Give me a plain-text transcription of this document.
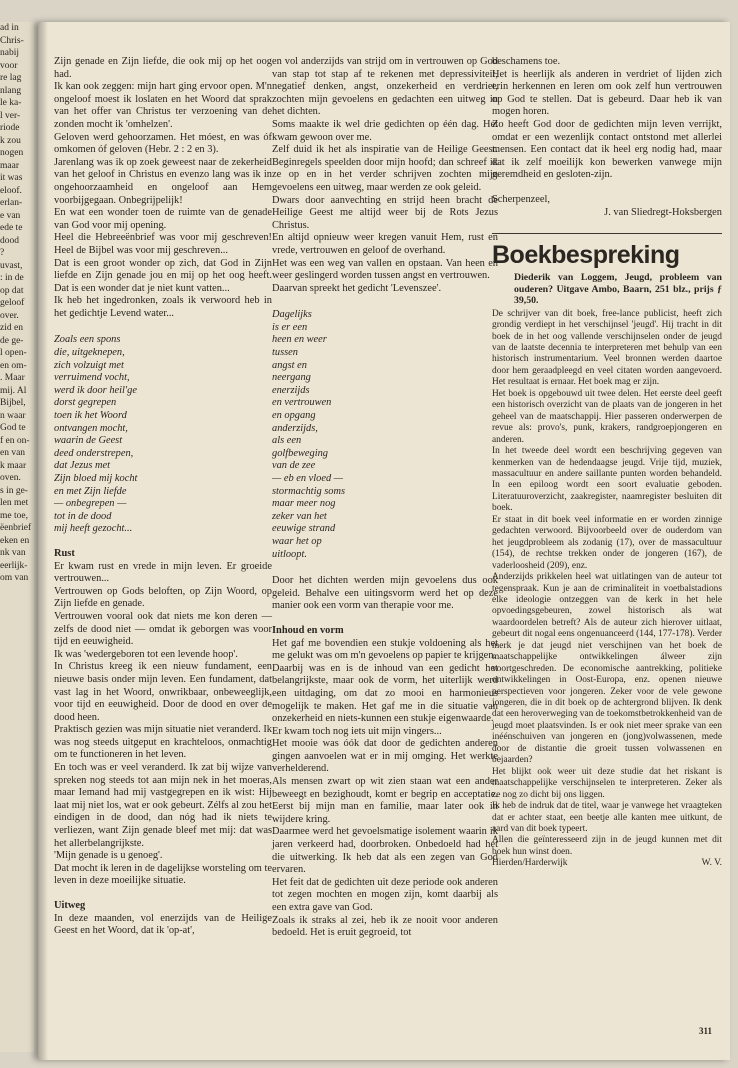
ad in
Chris-
nabij
voor
re lag
nlang
le ka-
l ver-
riode
k zou
nogen
maar
it was
eloof.
erlan-
e van
ede te
dood
?
uvast,
: in de
op dat
geloof
over.
zid en
de ge-
l open-
en om-
. Maar
mij. Al
Bijbel,
n waar
God te
f en on-
en van
k maar
oven.
s in ge-
len met
me toe,
ëenbrief
eken en
nk van
eerlijk-
om van

Zijn genade en Zijn liefde, die ook mij op het oog had.

Ik kan ook zeggen: mijn hart ging ervoor open. M'n ongeloof moest ik loslaten en het Woord dat sprak van het offer van Christus ter verzoening van de zonden mocht ik 'omhelzen'.

Geloven werd gehoorzamen. Het móest, en was óf omkomen óf geloven (Hebr. 2 : 2 en 3).

Jarenlang was ik op zoek geweest naar de zekerheid van het geloof in Christus en evenzo lang was ik in ongehoorzaamheid en ongeloof aan Hem voorbijgegaan. Onbegrijpelijk!

En wat een wonder toen de ruimte van de genade van God voor mij opening.

Heel die Hebreeënbrief was voor mij geschreven! Heel de Bijbel was voor mij geschreven...

Dat is een groot wonder op zich, dat God in Zijn liefde en Zijn genade jou en mij op het oog heeft. Dat is een wonder dat je niet kunt vatten...

Ik heb het ingedronken, zoals ik verwoord heb in het gedichtje Levend water...

Zoals een spons
die, uitgeknepen,
zich volzuigt met
verruimend vocht,
werd ik door heil'ge
dorst gegrepen
toen ik het Woord
ontvangen mocht,
waarin de Geest
deed onderstrepen,
dat Jezus met
Zijn bloed mij kocht
en met Zijn liefde
— onbegrepen —
tot in de dood
mij heeft gezocht...
Rust

Er kwam rust en vrede in mijn leven. Er groeide vertrouwen...

Vertrouwen op Gods beloften, op Zijn Woord, op Zijn liefde en genade.

Vertrouwen vooral ook dat niets me kon deren — zelfs de dood niet — omdat ik geborgen was voor tijd en eeuwigheid.

Ik was 'wedergeboren tot een levende hoop'.

In Christus kreeg ik een nieuw fundament, een nieuwe basis onder mijn leven. Een fundament, dat vast lag in het Woord, onwrikbaar, onbeweeglijk, voor tijd en eeuwigheid. Door de dood en over de dood heen.

Praktisch gezien was mijn situatie niet veranderd. Ik was nog steeds uitgeput en krachteloos, onmachtig om te functioneren in het leven.

En toch was er veel veranderd. Ik zat bij wijze van spreken nog steeds tot aan mijn nek in het moeras, maar Iemand had mij vastgegrepen en ik wist: Hij laat mij niet los, wat er ook gebeurt. Zélfs al zou het eindigen in de dood, dan nóg had ik niets te verliezen, want Zijn genade bleef met mij: dat was het allerbelangrijkste.

'Mijn genade is u genoeg'.

Dat mocht ik leren in de dagelijkse worsteling om te leven in deze moeilijke situatie.

Uitweg

In deze maanden, vol enerzijds van de Heilige Geest en het Woord, dat ik 'op-at',

en vol anderzijds van strijd om in vertrouwen op God van stap tot stap af te rekenen met depressiviteit, negatief denken, angst, onzekerheid en verdriet, zochten mijn gevoelens en gedachten een uitweg in het dichten.

Soms maakte ik wel drie gedichten op één dag. Het kwam gewoon over me.

Zelf duid ik het als inspiratie van de Heilige Geest. Beginregels speelden door mijn hoofd; dan schreef ik ze op en in het verder schrijven zochten mijn gevoelens een uitweg, maar werden ze ook geleid.

Dwars door aanvechting en strijd heen bracht de Heilige Geest me altijd weer bij de Rots Jezus Christus.

En altijd opnieuw weer kregen vanuit Hem, rust en vrede, vertrouwen en geloof de overhand.

Het was een weg van vallen en opstaan. Van heen en weer geslingerd worden tussen angst en vertrouwen.

Daarvan spreekt het gedicht 'Levenszee'.

Dagelijks
is er een
heen en weer
tussen
angst en
neergang
enerzijds
en vertrouwen
en opgang
anderzijds,
als een
golfbeweging
van de zee
— eb en vloed —
stormachtig soms
maar meer nog
zeker van het
eeuwige strand
waar het op
uitloopt.

Door het dichten werden mijn gevoelens dus ook geleid. Behalve een uitingsvorm werd het op deze manier ook een vorm van therapie voor me.

Inhoud en vorm

Het gaf me bovendien een stukje voldoening als het me gelukt was om m'n gevoelens op papier te krijgen.

Daarbij was en is de inhoud van een gedicht het belangrijkste, maar ook de vorm, het uiterlijk werd een uitdaging, om dat zo mooi en harmonieus mogelijk te maken. Het gaf me in die situatie van onzekerheid en niets-kunnen een stukje eigenwaarde.

Er kwam toch nog iets uit mijn vingers...

Het mooie was óók dat door de gedichten anderen gingen aanvoelen wat er in mij omging. Het werkte verhelderend.

Als mensen zwart op wit zien staan wat een ander beweegt en bezighoudt, komt er begrip en acceptatie. Eerst bij mijn man en familie, maar later ook in wijdere kring.

Daarmee werd het gevoelsmatige isolement waarin ik jaren verkeerd had, doorbroken. Onbedoeld had het die uitwerking. Ik heb dat als een zegen van God ervaren.

Het feit dat de gedichten uit deze periode ook anderen tot zegen mochten en mogen zijn, komt daarbij als een extra gave van God.

Zoals ik straks al zei, heb ik ze nooit voor anderen bedoeld. Het is eruit gegroeid, tot

beschamens toe.

Het is heerlijk als anderen in verdriet of lijden zich erin herkennen en leren om ook zelf hun vertrouwen op God te stellen. Dat is gebeurd. Daar heb ik van mogen horen.

Zo heeft God door de gedichten mijn leven verrijkt, omdat er een wezenlijk contact ontstond met allerlei mensen. Een contact dat ik heel erg nodig had, maar dat ik zelf moeilijk kon bewerken vanwege mijn geremdheid en gesloten-zijn.

Scherpenzeel,

J. van Sliedregt-Hoksbergen
Boekbespreking
Diederik van Loggem, Jeugd, probleem van ouderen? Uitgave Ambo, Baarn, 251 blz., prijs ƒ 39,50.

De schrijver van dit boek, free-lance publicist, heeft zich grondig verdiept in het verschijnsel 'jeugd'. Hij tracht in dit boek de in het oog vallende verschijnselen onder de jeugd van de laatste decennia te interpreteren met behulp van een historisch instrumentarium. Veel bronnen werden daartoe door hem geraadpleegd en veel citaten worden aangevoerd. Het resultaat is ernaar. Het boek mag er zijn.

Het boek is opgebouwd uit twee delen. Het eerste deel geeft een historisch overzicht van de plaats van de jongeren in het geheel van de maatschappij. Hier passeren onderwerpen de revue als: provo's, punk, krakers, randgroepjongeren en anderen.

In het tweede deel wordt een beschrijving gegeven van kenmerken van de hedendaagse jeugd. Vrije tijd, muziek, massacultuur en andere saillante punten worden behandeld. In een epiloog wordt een soort evaluatie geboden. Literatuuroverzicht, zaakregister, naamregister besluiten dit boek.

Er staat in dit boek veel informatie en er worden zinnige gedachten verwoord. Bijvoorbeeld over de ouderdom van het jeugdprobleem als zodanig (17), over de massacultuur (154), de rechtse trekken onder de jongeren (167), de vaderloosheid (209), enz.

Anderzijds prikkelen heel wat uitlatingen van de auteur tot tegenspraak. Kun je aan de criminaliteit in voetbalstadions elke ideologie ontzeggen van de kerk in het hele opvoedingsgebeuren, zowel historisch als wat waardoordelen betreft? Als de auteur zich hierover uitlaat, gebeurt dit nogal eens ongenuanceerd (144, 177-178). Verder merk je dat jeugd niet verschijnen van het boek de maatschappelijke ontwikkelingen álweer zijn voortgeschreden. De economische aantrekking, politieke ontwikkelingen in Oost-Europa, enz. openen nieuwe perspectieven voor jongeren. Zeker voor de vele gewone jongeren, die in dit boek op de achtergrond blijven. Ik denk dat een heroverweging van de toekomstbetrokkenheid van de jeugd moet plaatsvinden. Is er ook niet meer sprake van een inéénschuiven van jongeren en (jong)volwassenen, mede door de distantie die groeit tussen volwassenen en bejaarden?

Het blijkt ook weer uit deze studie dat het riskant is maatschappelijke verschijnselen te interpreteren. Zeker als ze nog zo dicht bij ons liggen.

Ik heb de indruk dat de titel, waar je vanwege het vraagteken dat er achter staat, een beetje alle kanten mee uitkunt, de aard van dit boek typeert.

Allen die geïnteresseerd zijn in de jeugd kunnen met dit boek hun winst doen.

Hierden/Harderwijk	W. V.
311
